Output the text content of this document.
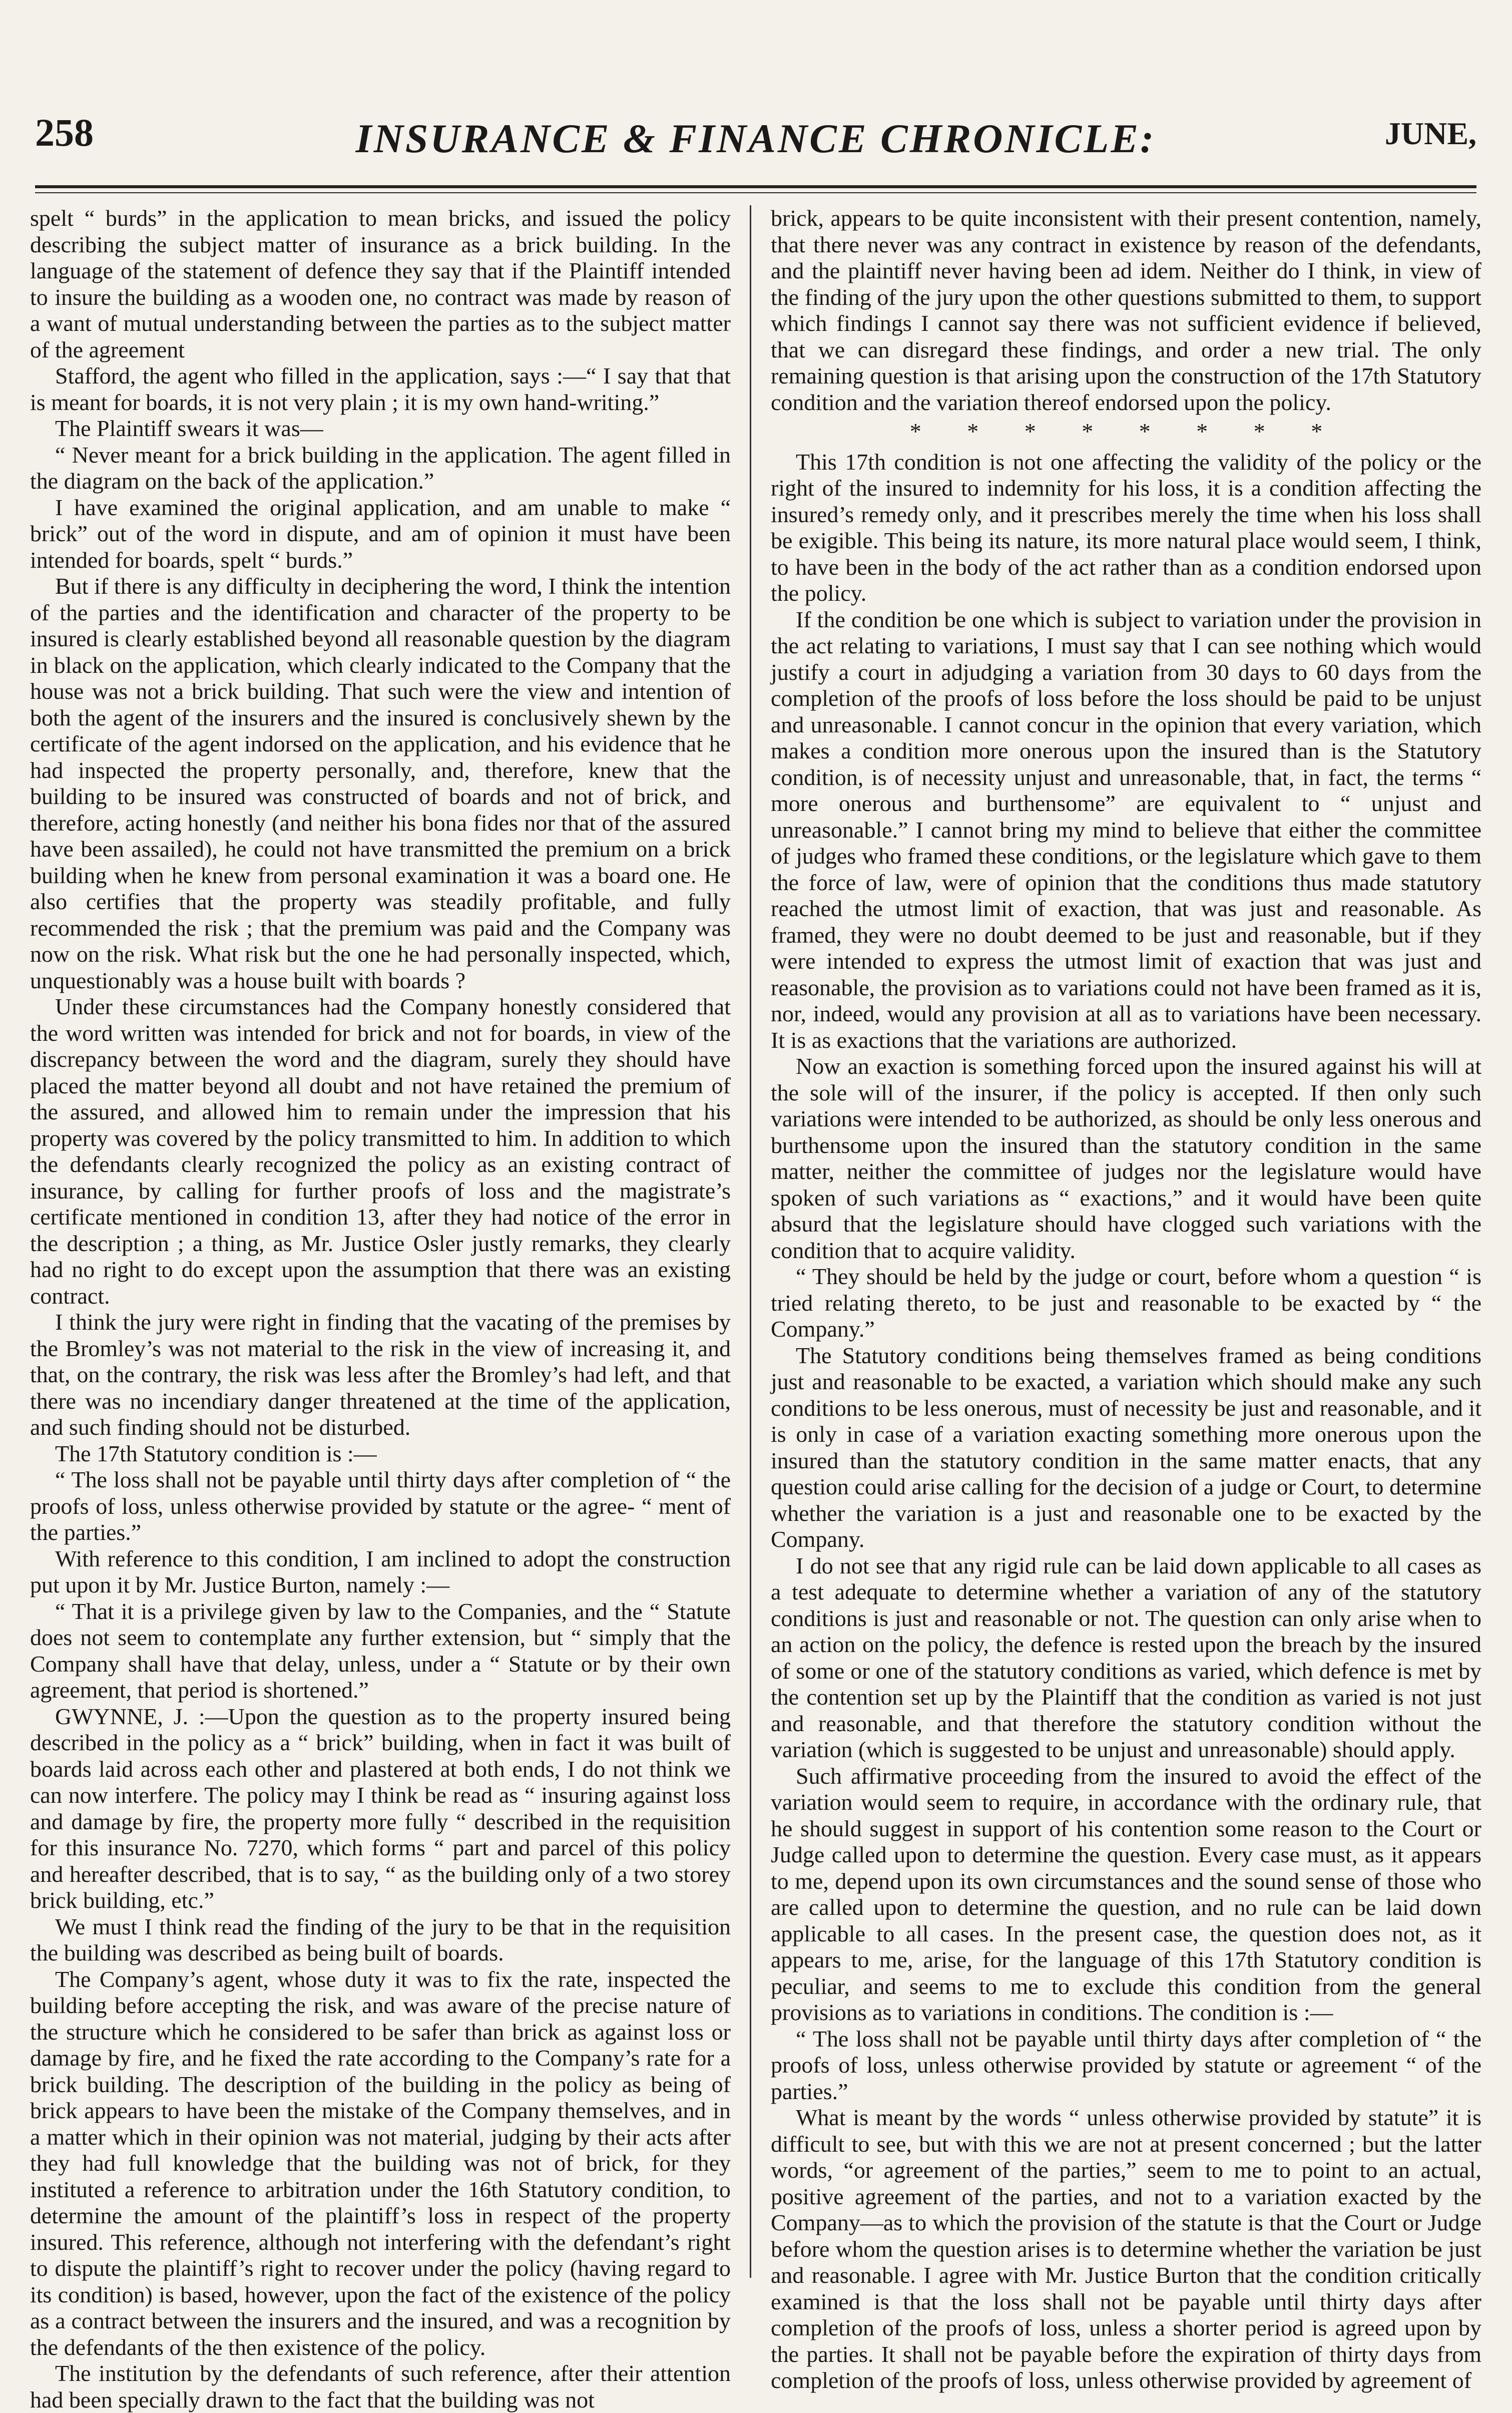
258	INSURANCE & FINANCE CHRONICLE:	JUNE,

spelt “ burds” in the application to mean bricks, and issued the policy describing the subject matter of insurance as a brick building. In the language of the statement of defence they say that if the Plaintiff intended to insure the building as a wooden one, no contract was made by reason of a want of mutual understanding between the parties as to the subject matter of the agreement

Stafford, the agent who filled in the application, says :—“ I say that that is meant for boards, it is not very plain ; it is my own hand-writing.”

The Plaintiff swears it was—

“ Never meant for a brick building in the application. The agent filled in the diagram on the back of the application.”

I have examined the original application, and am unable to make “ brick” out of the word in dispute, and am of opinion it must have been intended for boards, spelt “ burds.”

But if there is any difficulty in deciphering the word, I think the intention of the parties and the identification and character of the property to be insured is clearly established beyond all reasonable question by the diagram in black on the application, which clearly indicated to the Company that the house was not a brick building. That such were the view and intention of both the agent of the insurers and the insured is conclusively shewn by the certificate of the agent indorsed on the application, and his evidence that he had inspected the property personally, and, therefore, knew that the building to be insured was constructed of boards and not of brick, and therefore, acting honestly (and neither his bona fides nor that of the assured have been assailed), he could not have transmitted the premium on a brick building when he knew from personal examination it was a board one. He also certifies that the property was steadily profitable, and fully recommended the risk ; that the premium was paid and the Company was now on the risk. What risk but the one he had personally inspected, which, unquestionably was a house built with boards ?

Under these circumstances had the Company honestly considered that the word written was intended for brick and not for boards, in view of the discrepancy between the word and the diagram, surely they should have placed the matter beyond all doubt and not have retained the premium of the assured, and allowed him to remain under the impression that his property was covered by the policy transmitted to him. In addition to which the defendants clearly recognized the policy as an existing contract of insurance, by calling for further proofs of loss and the magistrate’s certificate mentioned in condition 13, after they had notice of the error in the description ; a thing, as Mr. Justice Osler justly remarks, they clearly had no right to do except upon the assumption that there was an existing contract.

I think the jury were right in finding that the vacating of the premises by the Bromley’s was not material to the risk in the view of increasing it, and that, on the contrary, the risk was less after the Bromley’s had left, and that there was no incendiary danger threatened at the time of the application, and such finding should not be disturbed.

The 17th Statutory condition is :—

“ The loss shall not be payable until thirty days after completion of “ the proofs of loss, unless otherwise provided by statute or the agree- “ ment of the parties.”

With reference to this condition, I am inclined to adopt the construction put upon it by Mr. Justice Burton, namely :—

“ That it is a privilege given by law to the Companies, and the “ Statute does not seem to contemplate any further extension, but “ simply that the Company shall have that delay, unless, under a “ Statute or by their own agreement, that period is shortened.”

GWYNNE, J. :—Upon the question as to the property insured being described in the policy as a “ brick” building, when in fact it was built of boards laid across each other and plastered at both ends, I do not think we can now interfere. The policy may I think be read as “ insuring against loss and damage by fire, the property more fully “ described in the requisition for this insurance No. 7270, which forms “ part and parcel of this policy and hereafter described, that is to say, “ as the building only of a two storey brick building, etc.”

We must I think read the finding of the jury to be that in the requisition the building was described as being built of boards.

The Company’s agent, whose duty it was to fix the rate, inspected the building before accepting the risk, and was aware of the precise nature of the structure which he considered to be safer than brick as against loss or damage by fire, and he fixed the rate according to the Company’s rate for a brick building. The description of the building in the policy as being of brick appears to have been the mistake of the Company themselves, and in a matter which in their opinion was not material, judging by their acts after they had full knowledge that the building was not of brick, for they instituted a reference to arbitration under the 16th Statutory condition, to determine the amount of the plaintiff’s loss in respect of the property insured. This reference, although not interfering with the defendant’s right to dispute the plaintiff’s right to recover under the policy (having regard to its condition) is based, however, upon the fact of the existence of the policy as a contract between the insurers and the insured, and was a recognition by the defendants of the then existence of the policy.

The institution by the defendants of such reference, after their attention had been specially drawn to the fact that the building was not

brick, appears to be quite inconsistent with their present contention, namely, that there never was any contract in existence by reason of the defendants, and the plaintiff never having been ad idem. Neither do I think, in view of the finding of the jury upon the other questions submitted to them, to support which findings I cannot say there was not sufficient evidence if believed, that we can disregard these findings, and order a new trial. The only remaining question is that arising upon the construction of the 17th Statutory condition and the variation thereof endorsed upon the policy.

* * * * * * * *

This 17th condition is not one affecting the validity of the policy or the right of the insured to indemnity for his loss, it is a condition affecting the insured’s remedy only, and it prescribes merely the time when his loss shall be exigible. This being its nature, its more natural place would seem, I think, to have been in the body of the act rather than as a condition endorsed upon the policy.

If the condition be one which is subject to variation under the provision in the act relating to variations, I must say that I can see nothing which would justify a court in adjudging a variation from 30 days to 60 days from the completion of the proofs of loss before the loss should be paid to be unjust and unreasonable. I cannot concur in the opinion that every variation, which makes a condition more onerous upon the insured than is the Statutory condition, is of necessity unjust and unreasonable, that, in fact, the terms “ more onerous and burthensome” are equivalent to “ unjust and unreasonable.” I cannot bring my mind to believe that either the committee of judges who framed these conditions, or the legislature which gave to them the force of law, were of opinion that the conditions thus made statutory reached the utmost limit of exaction, that was just and reasonable. As framed, they were no doubt deemed to be just and reasonable, but if they were intended to express the utmost limit of exaction that was just and reasonable, the provision as to variations could not have been framed as it is, nor, indeed, would any provision at all as to variations have been necessary. It is as exactions that the variations are authorized.

Now an exaction is something forced upon the insured against his will at the sole will of the insurer, if the policy is accepted. If then only such variations were intended to be authorized, as should be only less onerous and burthensome upon the insured than the statutory condition in the same matter, neither the committee of judges nor the legislature would have spoken of such variations as “ exactions,” and it would have been quite absurd that the legislature should have clogged such variations with the condition that to acquire validity.

“ They should be held by the judge or court, before whom a question “ is tried relating thereto, to be just and reasonable to be exacted by “ the Company.”

The Statutory conditions being themselves framed as being conditions just and reasonable to be exacted, a variation which should make any such conditions to be less onerous, must of necessity be just and reasonable, and it is only in case of a variation exacting something more onerous upon the insured than the statutory condition in the same matter enacts, that any question could arise calling for the decision of a judge or Court, to determine whether the variation is a just and reasonable one to be exacted by the Company.

I do not see that any rigid rule can be laid down applicable to all cases as a test adequate to determine whether a variation of any of the statutory conditions is just and reasonable or not. The question can only arise when to an action on the policy, the defence is rested upon the breach by the insured of some or one of the statutory conditions as varied, which defence is met by the contention set up by the Plaintiff that the condition as varied is not just and reasonable, and that therefore the statutory condition without the variation (which is suggested to be unjust and unreasonable) should apply.

Such affirmative proceeding from the insured to avoid the effect of the variation would seem to require, in accordance with the ordinary rule, that he should suggest in support of his contention some reason to the Court or Judge called upon to determine the question. Every case must, as it appears to me, depend upon its own circumstances and the sound sense of those who are called upon to determine the question, and no rule can be laid down applicable to all cases. In the present case, the question does not, as it appears to me, arise, for the language of this 17th Statutory condition is peculiar, and seems to me to exclude this condition from the general provisions as to variations in conditions. The condition is :—

“ The loss shall not be payable until thirty days after completion of “ the proofs of loss, unless otherwise provided by statute or agreement “ of the parties.”

What is meant by the words “ unless otherwise provided by statute” it is difficult to see, but with this we are not at present concerned ; but the latter words, “or agreement of the parties,” seem to me to point to an actual, positive agreement of the parties, and not to a variation exacted by the Company—as to which the provision of the statute is that the Court or Judge before whom the question arises is to determine whether the variation be just and reasonable. I agree with Mr. Justice Burton that the condition critically examined is that the loss shall not be payable until thirty days after completion of the proofs of loss, unless a shorter period is agreed upon by the parties. It shall not be payable before the expiration of thirty days from completion of the proofs of loss, unless otherwise provided by agreement of
